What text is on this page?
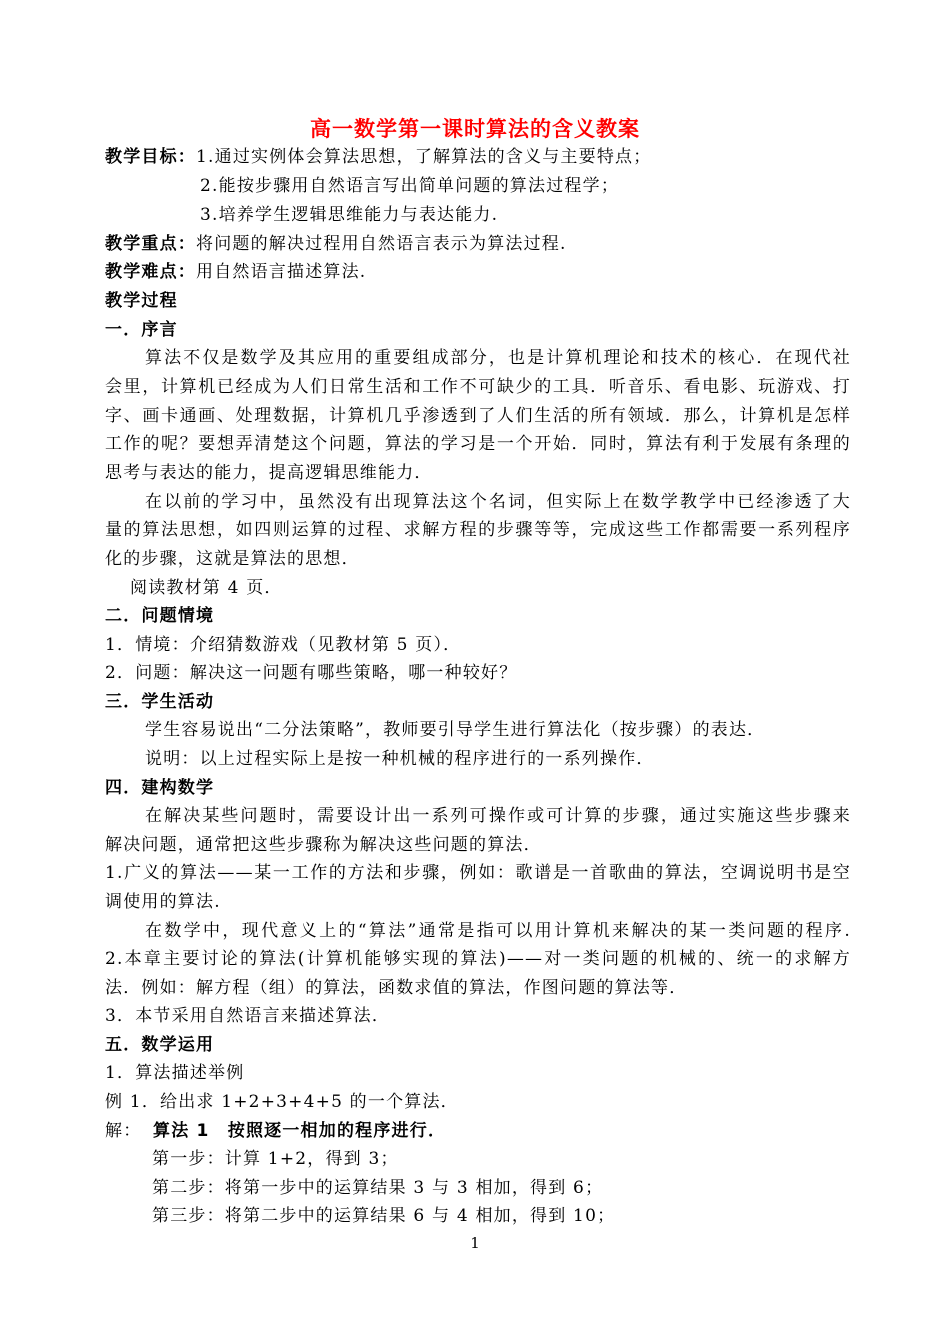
高一数学第一课时算法的含义教案
教学目标：1.通过实例体会算法思想，了解算法的含义与主要特点；
2.能按步骤用自然语言写出简单问题的算法过程学；
3.培养学生逻辑思维能力与表达能力.
教学重点：将问题的解决过程用自然语言表示为算法过程.
教学难点：用自然语言描述算法.
教学过程
一．序言
算法不仅是数学及其应用的重要组成部分，也是计算机理论和技术的核心．在现代社
会里，计算机已经成为人们日常生活和工作不可缺少的工具．听音乐、看电影、玩游戏、打
字、画卡通画、处理数据，计算机几乎渗透到了人们生活的所有领域．那么，计算机是怎样
工作的呢？要想弄清楚这个问题，算法的学习是一个开始．同时，算法有利于发展有条理的
思考与表达的能力，提高逻辑思维能力．
在以前的学习中，虽然没有出现算法这个名词，但实际上在数学教学中已经渗透了大
量的算法思想，如四则运算的过程、求解方程的步骤等等，完成这些工作都需要一系列程序
化的步骤，这就是算法的思想．
阅读教材第 4 页．
二．问题情境
1．情境：介绍猜数游戏（见教材第 5 页）．
2．问题：解决这一问题有哪些策略，哪一种较好？
三．学生活动
学生容易说出“二分法策略”，教师要引导学生进行算法化（按步骤）的表达．
说明：以上过程实际上是按一种机械的程序进行的一系列操作．
四．建构数学
在解决某些问题时，需要设计出一系列可操作或可计算的步骤，通过实施这些步骤来
解决问题，通常把这些步骤称为解决这些问题的算法．
1.广义的算法——某一工作的方法和步骤，例如：歌谱是一首歌曲的算法，空调说明书是空
调使用的算法.
在数学中，现代意义上的“算法”通常是指可以用计算机来解决的某一类问题的程序.
2.本章主要讨论的算法(计算机能够实现的算法)——对一类问题的机械的、统一的求解方
法．例如：解方程（组）的算法，函数求值的算法，作图问题的算法等．
3．本节采用自然语言来描述算法．
五．数学运用
1．算法描述举例
例 1．给出求 1+2+3+4+5 的一个算法．
解： 算法 1　按照逐一相加的程序进行．
第一步：计算 1+2，得到 3；
第二步：将第一步中的运算结果 3 与 3 相加，得到 6；
第三步：将第二步中的运算结果 6 与 4 相加，得到 10；
1
